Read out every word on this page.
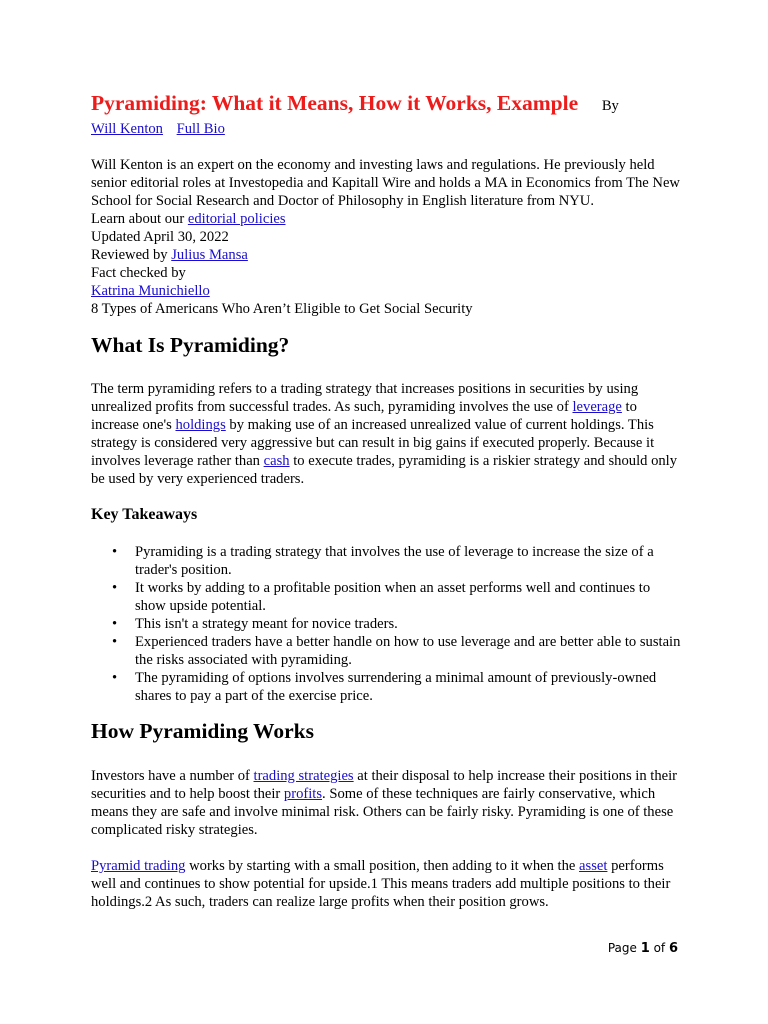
Pyramiding: What it Means, How it Works, Example By
Will Kenton Full Bio

Will Kenton is an expert on the economy and investing laws and regulations. He previously held senior editorial roles at Investopedia and Kapitall Wire and holds a MA in Economics from The New School for Social Research and Doctor of Philosophy in English literature from NYU.

Learn about our editorial policies

Updated April 30, 2022

Reviewed by Julius Mansa

Fact checked by

Katrina Munichiello

8 Types of Americans Who Aren’t Eligible to Get Social Security

What Is Pyramiding?

The term pyramiding refers to a trading strategy that increases positions in securities by using unrealized profits from successful trades. As such, pyramiding involves the use of leverage to increase one's holdings by making use of an increased unrealized value of current holdings. This strategy is considered very aggressive but can result in big gains if executed properly. Because it involves leverage rather than cash to execute trades, pyramiding is a riskier strategy and should only be used by very experienced traders.

Key Takeaways
• Pyramiding is a trading strategy that involves the use of leverage to increase the size of a trader's position.
• It works by adding to a profitable position when an asset performs well and continues to show upside potential.
• This isn't a strategy meant for novice traders.
• Experienced traders have a better handle on how to use leverage and are better able to sustain the risks associated with pyramiding.
• The pyramiding of options involves surrendering a minimal amount of previously-owned shares to pay a part of the exercise price.
How Pyramiding Works

Investors have a number of trading strategies at their disposal to help increase their positions in their securities and to help boost their profits. Some of these techniques are fairly conservative, which means they are safe and involve minimal risk. Others can be fairly risky. Pyramiding is one of these complicated risky strategies.

Pyramid trading works by starting with a small position, then adding to it when the asset performs well and continues to show potential for upside.1 This means traders add multiple positions to their holdings.2 As such, traders can realize large profits when their position grows.

Page 1 of 6
